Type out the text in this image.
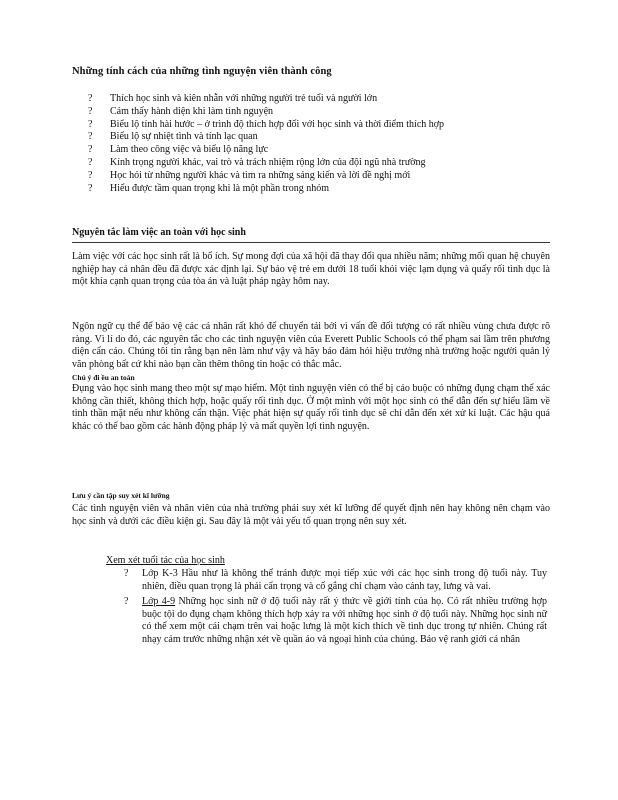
Những tính cách của những tình nguyện viên thành công
? Thích học sinh và kiên nhẫn với những người trẻ tuổi và người lớn
? Cảm thấy hành diện khi làm tình nguyện
? Biểu lộ tính hài hước – ở trình độ thích hợp đối với học sinh và thời điểm thích hợp
? Biểu lộ sự nhiệt tình và tính lạc quan
? Làm theo công việc và biểu lộ năng lực
? Kính trọng người khác, vai trò và trách nhiệm rộng lớn của đội ngũ nhà trường
? Học hỏi từ những người khác và tìm ra những sáng kiến và lời đề nghị mới
? Hiểu được tầm quan trọng khi là một phần trong nhóm
Nguyên tắc làm việc an toàn với học sinh

Làm việc với các học sinh rất là bổ ích. Sự mong đợi của xã hội đã thay đổi qua nhiều năm; những mối quan hệ chuyên nghiệp hay cá nhân đều đã được xác định lại. Sự bảo vệ trẻ em dưới 18 tuổi khỏi việc lạm dụng và quấy rối tình dục là một khía cạnh quan trọng của tòa án và luật pháp ngày hôm nay.

Ngôn ngữ cụ thể để bảo vệ các cá nhân rất khó để chuyển tải bởi vì vấn đề đối tượng có rất nhiều vùng chưa được rõ ràng. Vì lí do đó, các nguyên tắc cho các tình nguyện viên của Everett Public Schools có thể phạm sai lầm trên phương diện cẩn cáo. Chúng tôi tin rằng bạn nên làm như vậy và hãy báo đảm hỏi hiệu trưởng nhà trường hoặc người quản lý văn phòng bất cứ khi nào bạn cần thêm thông tin hoặc có thắc mắc.

Chú ý đi ều an toàn

Đụng vào học sinh mang theo một sự mạo hiểm. Một tình nguyện viên có thể bị cáo buộc có những đụng chạm thể xác không cần thiết, không thích hợp, hoặc quấy rối tình dục. Ở một mình với một học sinh có thể dẫn đến sự hiểu lầm về tinh thần mặt nếu như không cẩn thận. Việc phát hiện sự quấy rối tình dục sẽ chỉ dẫn đến xét xử kỉ luật. Các hậu quả khác có thể bao gồm các hành động pháp lý và mất quyền lợi tình nguyện.

Lưu ý cần tập suy xét kĩ lưỡng

Các tình nguyện viên và nhân viên của nhà trường phải suy xét kĩ lưỡng để quyết định nên hay không nên chạm vào học sinh và dưới các điều kiện gì. Sau đây là một vài yếu tố quan trọng nên suy xét.

Xem xét tuổi tác của học sinh
? Lớp K-3 Hầu như là không thể tránh được mọi tiếp xúc với các học sinh trong độ tuổi này. Tuy nhiên, điều quan trọng là phải cẩn trọng và cố gắng chỉ chạm vào cánh tay, lưng và vai.
? Lớp 4-9 Những học sinh nữ ở độ tuổi này rất ý thức về giới tính của họ. Có rất nhiều trường hợp buộc tội do đụng chạm không thích hợp xảy ra với những học sinh ở độ tuổi này. Những học sinh nữ có thể xem một cái chạm trên vai hoặc lưng là một kích thích về tình dục trong tự nhiên. Chúng rất nhạy cảm trước những nhận xét về quần áo và ngoại hình của chúng. Bảo vệ ranh giới cá nhân
